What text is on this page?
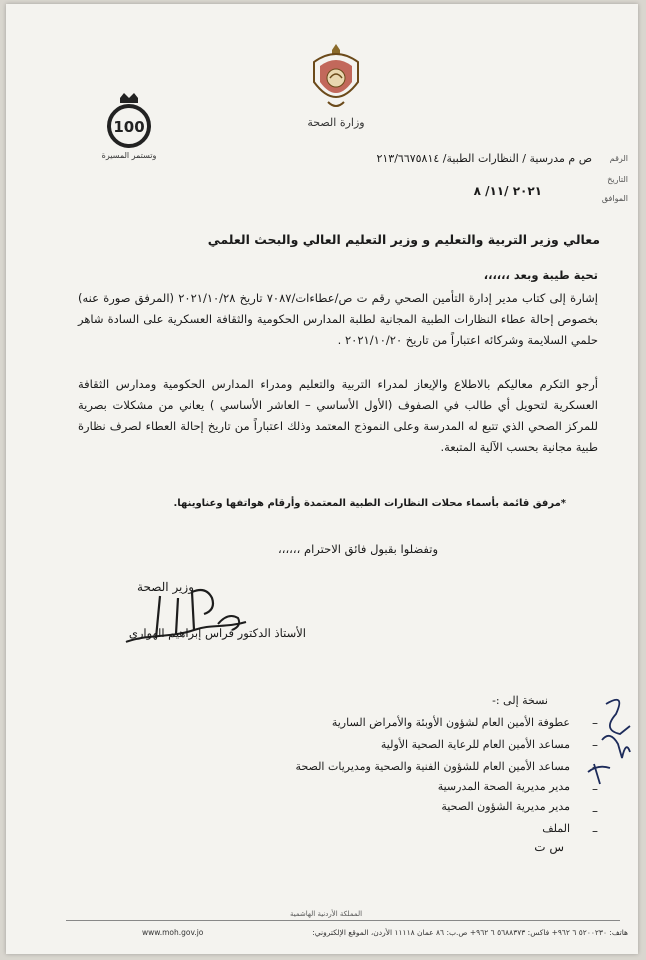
وزارة الصحة
100
وتستمر المسيرة	الرقم
التاريخ
الموافق
ص م مدرسية / النظارات الطبية/ ٢١٣/٦٦٧٥٨١٤
٢٠٢١ /١١/ ٨
معالي وزير التربية والتعليم و وزير التعليم العالي والبحث العلمي
تحية طيبة وبعد ،،،،،،
إشارة إلى كتاب مدير إدارة التأمين الصحي رقم ت ص/عطاءات/٧٠٨٧ تاريخ ٢٠٢١/١٠/٢٨ (المرفق صورة عنه) بخصوص إحالة عطاء النظارات الطبية المجانية لطلبة المدارس الحكومية والثقافة العسكرية على السادة شاهر حلمي السلايمة وشركائه اعتباراً من تاريخ ٢٠٢١/١٠/٢٠ .
أرجو التكرم معاليكم بالاطلاع والإيعاز لمدراء التربية والتعليم ومدراء المدارس الحكومية ومدارس الثقافة العسكرية لتحويل أي طالب في الصفوف (الأول الأساسي – العاشر الأساسي ) يعاني من مشكلات بصرية للمركز الصحي الذي تتبع له المدرسة وعلى النموذج المعتمد وذلك اعتباراً من تاريخ إحالة العطاء لصرف نظارة طبية مجانية بحسب الآلية المتبعة.
*مرفق قائمة بأسماء محلات النظارات الطبية المعتمدة وأرقام هواتفها وعناوينها.
وتفضلوا بقبول فائق الاحترام ،،،،،،
وزير الصحة
الأستاذ الدكتور فراس إبراهيم الهواري
نسخة إلى :-
–
عطوفة الأمين العام لشؤون الأوبئة والأمراض السارية
–
مساعد الأمين العام للرعاية الصحية الأولية
–
مساعد الأمين العام للشؤون الفنية والصحية ومديريات الصحة
–
مدير مديرية الصحة المدرسية
–
مدير مديرية الشؤون الصحية
–
الملف
س ت
المملكة الأردنية الهاشمية
هاتف: ٥٢٠٠٢٣٠ ٦ ٩٦٢+ فاكس: ٥٦٨٨٣٧٣ ٦ ٩٦٢+ ص.ب: ٨٦ عمان ١١١١٨ الأردن، الموقع الإلكتروني:
www.moh.gov.jo
